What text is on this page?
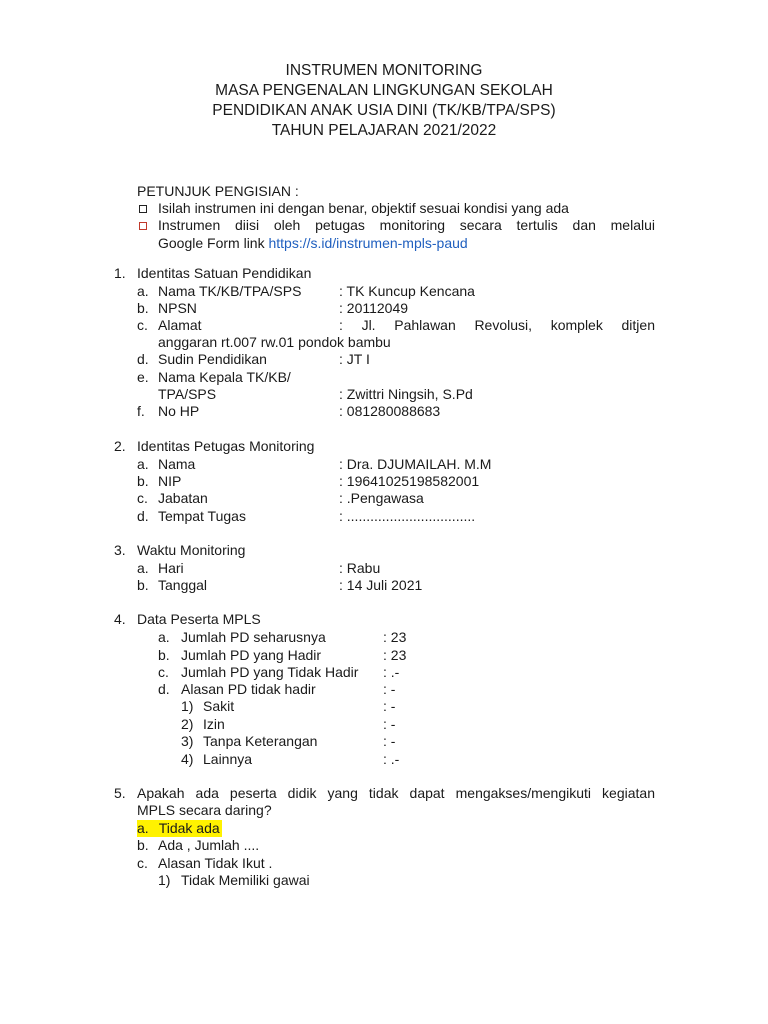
INSTRUMEN MONITORING
MASA PENGENALAN LINGKUNGAN SEKOLAH
PENDIDIKAN ANAK USIA DINI (TK/KB/TPA/SPS)
TAHUN PELAJARAN 2021/2022
PETUNJUK PENGISIAN :
Isilah instrumen ini dengan benar, objektif sesuai kondisi yang ada
Instrumen diisi oleh petugas monitoring secara tertulis dan melalui
Google Form link https://s.id/instrumen-mpls-paud
1. Identitas Satuan Pendidikan
a. Nama TK/KB/TPA/SPS	: TK Kuncup Kencana
b. NPSN	: 20112049
c. Alamat	: Jl. Pahlawan Revolusi, komplek ditjen
anggaran rt.007 rw.01 pondok bambu
d. Sudin Pendidikan	: JT I
e. Nama Kepala TK/KB/
TPA/SPS	: Zwittri Ningsih, S.Pd
f. No HP	: 081280088683
2. Identitas Petugas Monitoring
a. Nama	: Dra. DJUMAILAH. M.M
b. NIP	: 19641025198582001
c. Jabatan	: .Pengawasa
d. Tempat Tugas	: .................................
3. Waktu Monitoring
a. Hari	: Rabu
b. Tanggal	: 14 Juli 2021
4. Data Peserta MPLS
a. Jumlah PD seharusnya	: 23
b. Jumlah PD yang Hadir	: 23
c. Jumlah PD yang Tidak Hadir : .-
d. Alasan PD tidak hadir	: -
1) Sakit	: -
2) Izin	: -
3) Tanpa Keterangan	: -
4) Lainnya	: .-
5. Apakah ada peserta didik yang tidak dapat mengakses/mengikuti kegiatan
MPLS secara daring?
a. Tidak ada
b. Ada , Jumlah ....
c. Alasan Tidak Ikut .
1) Tidak Memiliki gawai
